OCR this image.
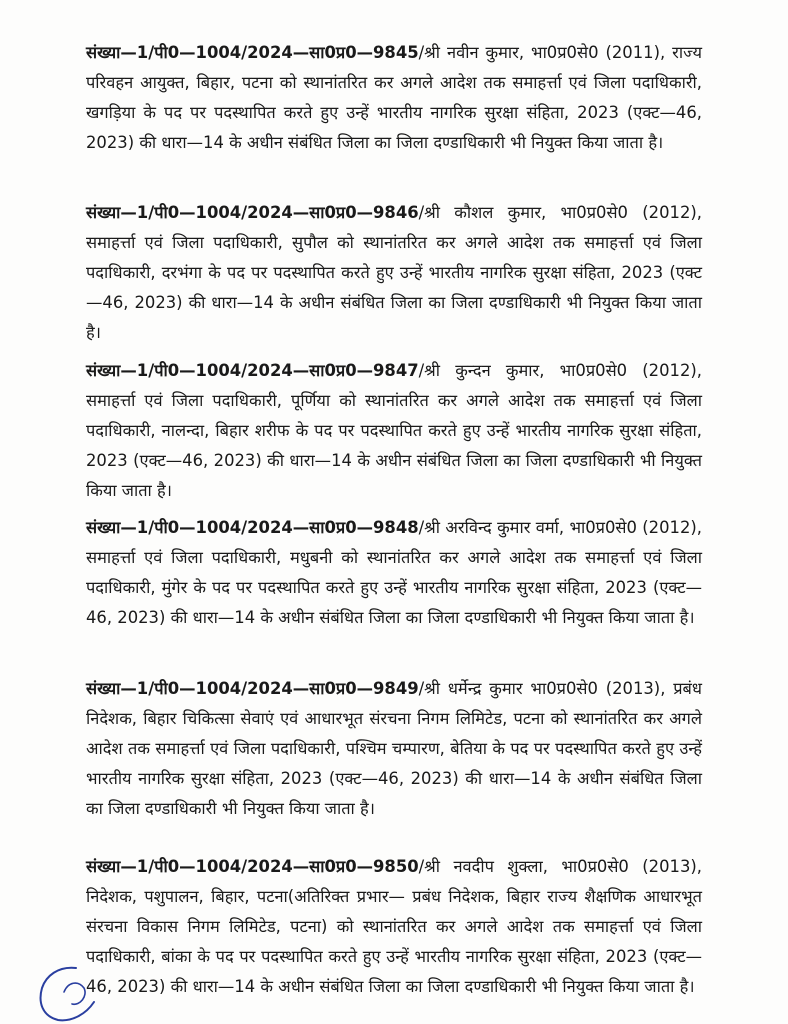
संख्या—1/पी0—1004/2024—सा0प्र0—9845/श्री नवीन कुमार, भा0प्र0से0 (2011), राज्य परिवहन आयुक्त, बिहार, पटना को स्थानांतरित कर अगले आदेश तक समाहर्त्ता एवं जिला पदाधिकारी, खगड़िया के पद पर पदस्थापित करते हुए उन्हें भारतीय नागरिक सुरक्षा संहिता, 2023 (एक्ट—46, 2023) की धारा—14 के अधीन संबंधित जिला का जिला दण्डाधिकारी भी नियुक्त किया जाता है।

संख्या—1/पी0—1004/2024—सा0प्र0—9846/श्री कौशल कुमार, भा0प्र0से0 (2012), समाहर्त्ता एवं जिला पदाधिकारी, सुपौल को स्थानांतरित कर अगले आदेश तक समाहर्त्ता एवं जिला पदाधिकारी, दरभंगा के पद पर पदस्थापित करते हुए उन्हें भारतीय नागरिक सुरक्षा संहिता, 2023 (एक्ट—46, 2023) की धारा—14 के अधीन संबंधित जिला का जिला दण्डाधिकारी भी नियुक्त किया जाता है।

संख्या—1/पी0—1004/2024—सा0प्र0—9847/श्री कुन्दन कुमार, भा0प्र0से0 (2012), समाहर्त्ता एवं जिला पदाधिकारी, पूर्णिया को स्थानांतरित कर अगले आदेश तक समाहर्त्ता एवं जिला पदाधिकारी, नालन्दा, बिहार शरीफ के पद पर पदस्थापित करते हुए उन्हें भारतीय नागरिक सुरक्षा संहिता, 2023 (एक्ट—46, 2023) की धारा—14 के अधीन संबंधित जिला का जिला दण्डाधिकारी भी नियुक्त किया जाता है।

संख्या—1/पी0—1004/2024—सा0प्र0—9848/श्री अरविन्द कुमार वर्मा, भा0प्र0से0 (2012), समाहर्त्ता एवं जिला पदाधिकारी, मधुबनी को स्थानांतरित कर अगले आदेश तक समाहर्त्ता एवं जिला पदाधिकारी, मुंगेर के पद पर पदस्थापित करते हुए उन्हें भारतीय नागरिक सुरक्षा संहिता, 2023 (एक्ट—46, 2023) की धारा—14 के अधीन संबंधित जिला का जिला दण्डाधिकारी भी नियुक्त किया जाता है।

संख्या—1/पी0—1004/2024—सा0प्र0—9849/श्री धर्मेन्द्र कुमार भा0प्र0से0 (2013), प्रबंध निदेशक, बिहार चिकित्सा सेवाएं एवं आधारभूत संरचना निगम लिमिटेड, पटना को स्थानांतरित कर अगले आदेश तक समाहर्त्ता एवं जिला पदाधिकारी, पश्चिम चम्पारण, बेतिया के पद पर पदस्थापित करते हुए उन्हें भारतीय नागरिक सुरक्षा संहिता, 2023 (एक्ट—46, 2023) की धारा—14 के अधीन संबंधित जिला का जिला दण्डाधिकारी भी नियुक्त किया जाता है।

संख्या—1/पी0—1004/2024—सा0प्र0—9850/श्री नवदीप शुक्ला, भा0प्र0से0 (2013), निदेशक, पशुपालन, बिहार, पटना(अतिरिक्त प्रभार— प्रबंध निदेशक, बिहार राज्य शैक्षणिक आधारभूत संरचना विकास निगम लिमिटेड, पटना) को स्थानांतरित कर अगले आदेश तक समाहर्त्ता एवं जिला पदाधिकारी, बांका के पद पर पदस्थापित करते हुए उन्हें भारतीय नागरिक सुरक्षा संहिता, 2023 (एक्ट—46, 2023) की धारा—14 के अधीन संबंधित जिला का जिला दण्डाधिकारी भी नियुक्त किया जाता है।
